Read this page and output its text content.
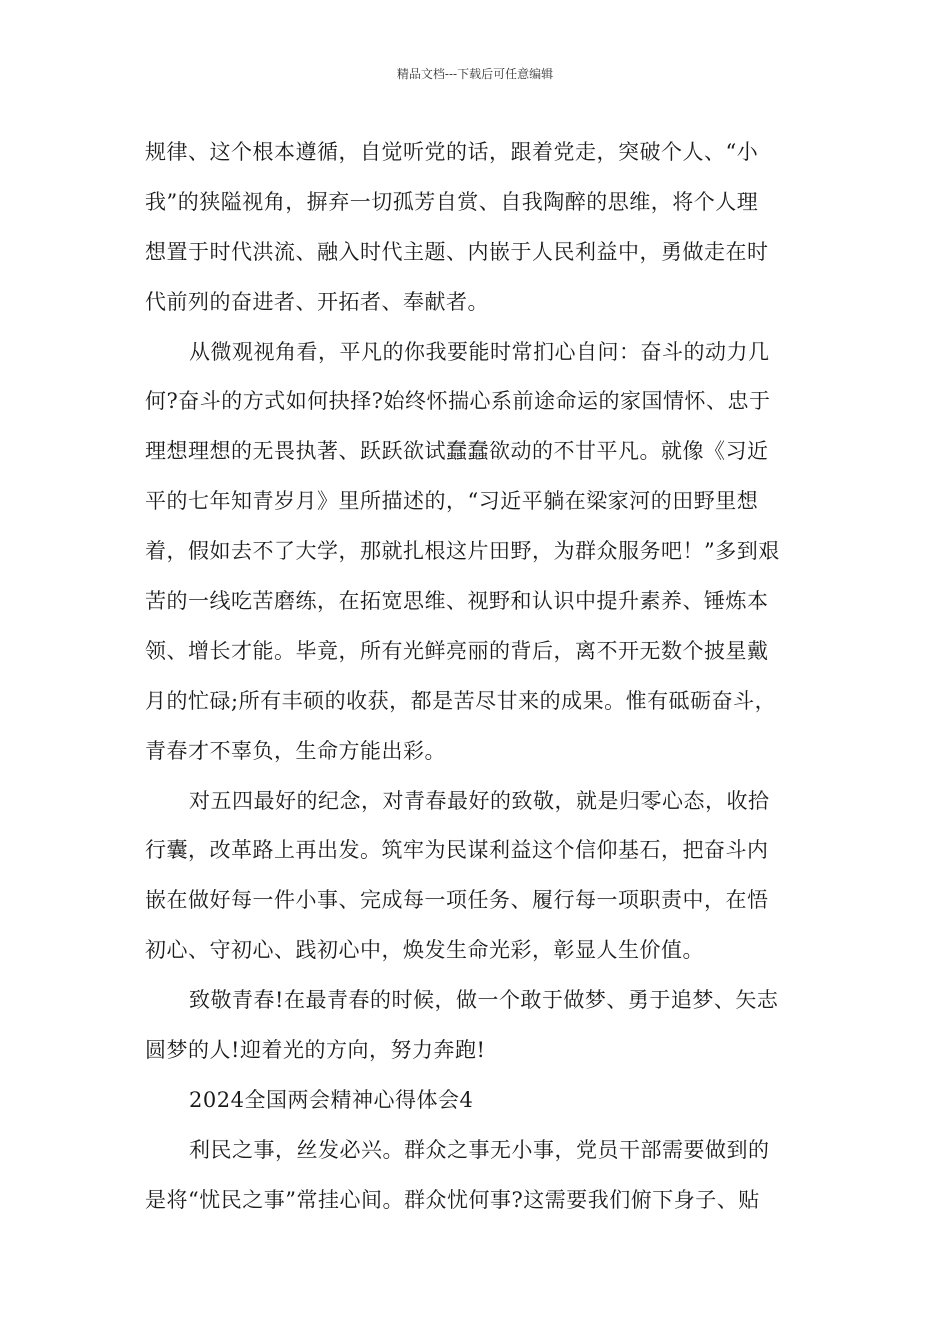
精品文档---下载后可任意编辑
规律、这个根本遵循，自觉听党的话，跟着党走，突破个人、“小
我”的狭隘视角，摒弃一切孤芳自赏、自我陶醉的思维，将个人理
想置于时代洪流、融入时代主题、内嵌于人民利益中，勇做走在时
代前列的奋进者、开拓者、奉献者。
从微观视角看，平凡的你我要能时常扪心自问：奋斗的动力几
何?奋斗的方式如何抉择?始终怀揣心系前途命运的家国情怀、忠于
理想理想的无畏执著、跃跃欲试蠢蠢欲动的不甘平凡。就像《习近
平的七年知青岁月》里所描述的，“习近平躺在梁家河的田野里想
着，假如去不了大学，那就扎根这片田野，为群众服务吧！”多到艰
苦的一线吃苦磨练，在拓宽思维、视野和认识中提升素养、锤炼本
领、增长才能。毕竟，所有光鲜亮丽的背后，离不开无数个披星戴
月的忙碌;所有丰硕的收获，都是苦尽甘来的成果。惟有砥砺奋斗，
青春才不辜负，生命方能出彩。
对五四最好的纪念，对青春最好的致敬，就是归零心态，收拾
行囊，改革路上再出发。筑牢为民谋利益这个信仰基石，把奋斗内
嵌在做好每一件小事、完成每一项任务、履行每一项职责中，在悟
初心、守初心、践初心中，焕发生命光彩，彰显人生价值。
致敬青春!在最青春的时候，做一个敢于做梦、勇于追梦、矢志
圆梦的人!迎着光的方向，努力奔跑!
2024全国两会精神心得体会4
利民之事，丝发必兴。群众之事无小事，党员干部需要做到的
是将“忧民之事”常挂心间。群众忧何事?这需要我们俯下身子、贴
